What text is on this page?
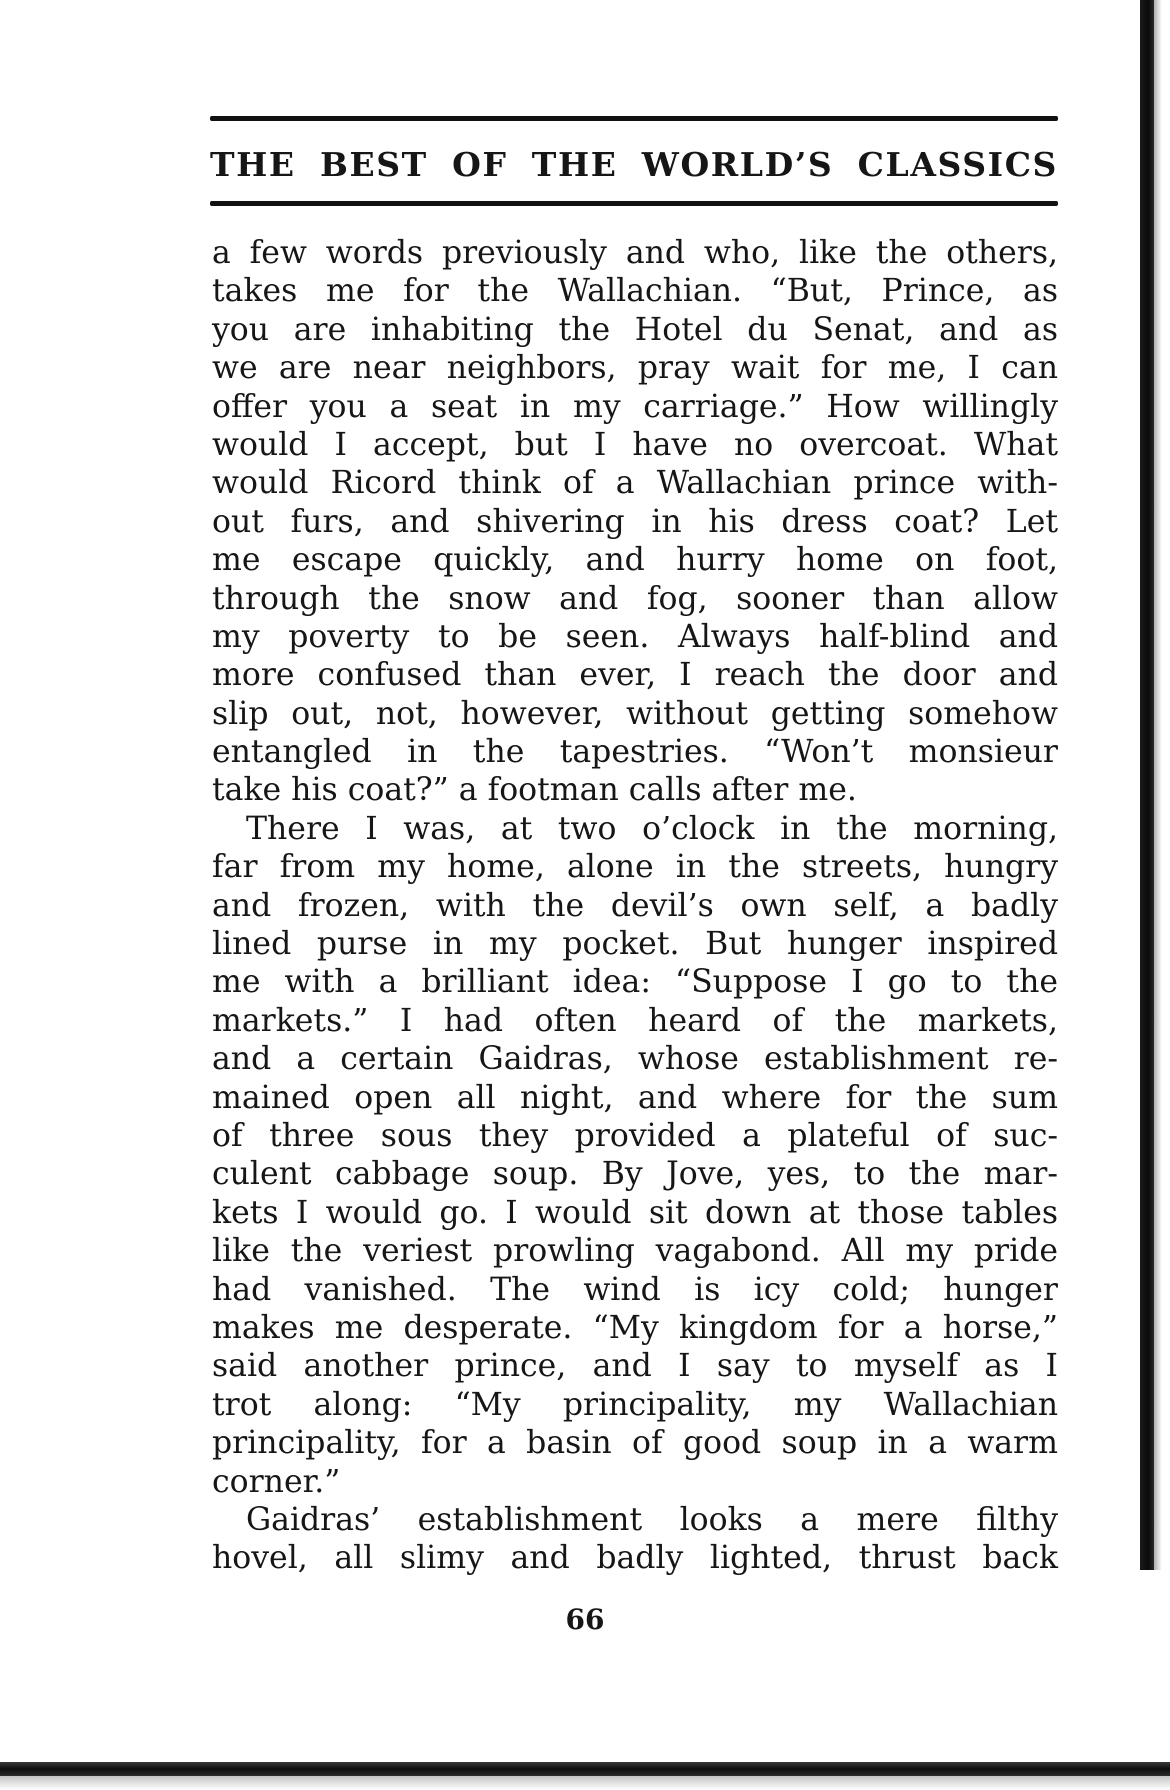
THE BEST OF THE WORLD’S CLASSICS
a few words previously and who, like the others,
takes me for the Wallachian. “But, Prince, as
you are inhabiting the Hotel du Senat, and as
we are near neighbors, pray wait for me, I can
offer you a seat in my carriage.” How willingly
would I accept, but I have no overcoat. What
would Ricord think of a Wallachian prince with-
out furs, and shivering in his dress coat? Let
me escape quickly, and hurry home on foot,
through the snow and fog, sooner than allow
my poverty to be seen. Always half-blind and
more confused than ever, I reach the door and
slip out, not, however, without getting somehow
entangled in the tapestries. “Won’t monsieur
take his coat?” a footman calls after me.
There I was, at two o’clock in the morning,
far from my home, alone in the streets, hungry
and frozen, with the devil’s own self, a badly
lined purse in my pocket. But hunger inspired
me with a brilliant idea: “Suppose I go to the
markets.” I had often heard of the markets,
and a certain Gaidras, whose establishment re-
mained open all night, and where for the sum
of three sous they provided a plateful of suc-
culent cabbage soup. By Jove, yes, to the mar-
kets I would go. I would sit down at those tables
like the veriest prowling vagabond. All my pride
had vanished. The wind is icy cold; hunger
makes me desperate. “My kingdom for a horse,”
said another prince, and I say to myself as I
trot along: “My principality, my Wallachian
principality, for a basin of good soup in a warm
corner.”
Gaidras’ establishment looks a mere filthy
hovel, all slimy and badly lighted, thrust back
66
